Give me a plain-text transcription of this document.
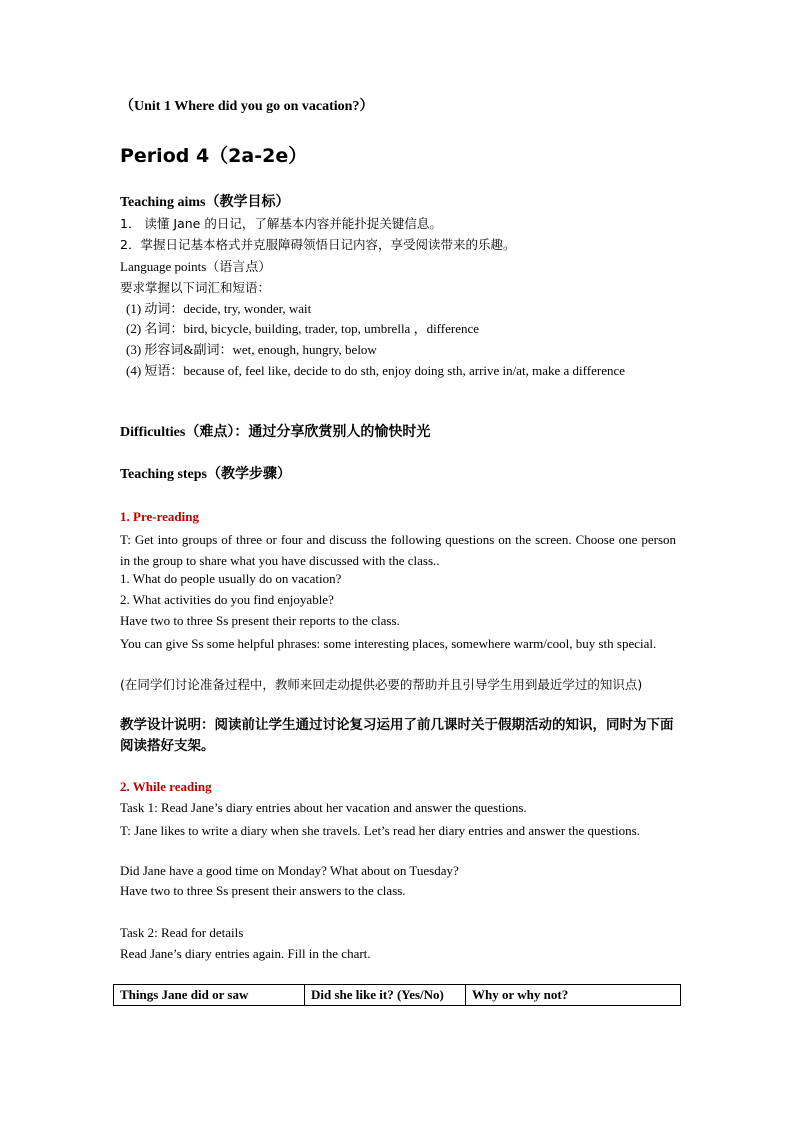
（Unit 1 Where did you go on vacation?）
Period 4（2a-2e）
Teaching aims（教学目标）
1． 读懂 Jane 的日记，了解基本内容并能扑捉关键信息。
2．掌握日记基本格式并克服障碍领悟日记内容，享受阅读带来的乐趣。
Language points（语言点）
要求掌握以下词汇和短语：
(1) 动词：decide, try, wonder, wait
(2) 名词：bird, bicycle, building, trader, top, umbrella ，difference
(3) 形容词&副词：wet, enough, hungry, below
(4) 短语：because of, feel like, decide to do sth, enjoy doing sth, arrive in/at, make a difference
Difficulties（难点）：通过分享欣赏别人的愉快时光
Teaching steps（教学步骤）
1. Pre-reading
T: Get into groups of three or four and discuss the following questions on the screen. Choose one person in the group to share what you have discussed with the class..
1. What do people usually do on vacation?
2. What activities do you find enjoyable?
Have two to three Ss present their reports to the class.
You can give Ss some helpful phrases: some interesting places, somewhere warm/cool, buy sth special.
(在同学们讨论准备过程中，教师来回走动提供必要的帮助并且引导学生用到最近学过的知识点)
教学设计说明：阅读前让学生通过讨论复习运用了前几课时关于假期活动的知识，同时为下面阅读搭好支架。
2. While reading
Task 1: Read Jane’s diary entries about her vacation and answer the questions.
T: Jane likes to write a diary when she travels. Let’s read her diary entries and answer the questions.
Did Jane have a good time on Monday? What about on Tuesday?
Have two to three Ss present their answers to the class.
Task 2: Read for details
Read Jane’s diary entries again. Fill in the chart.
Things Jane did or saw	Did she like it? (Yes/No)	Why or why not?
